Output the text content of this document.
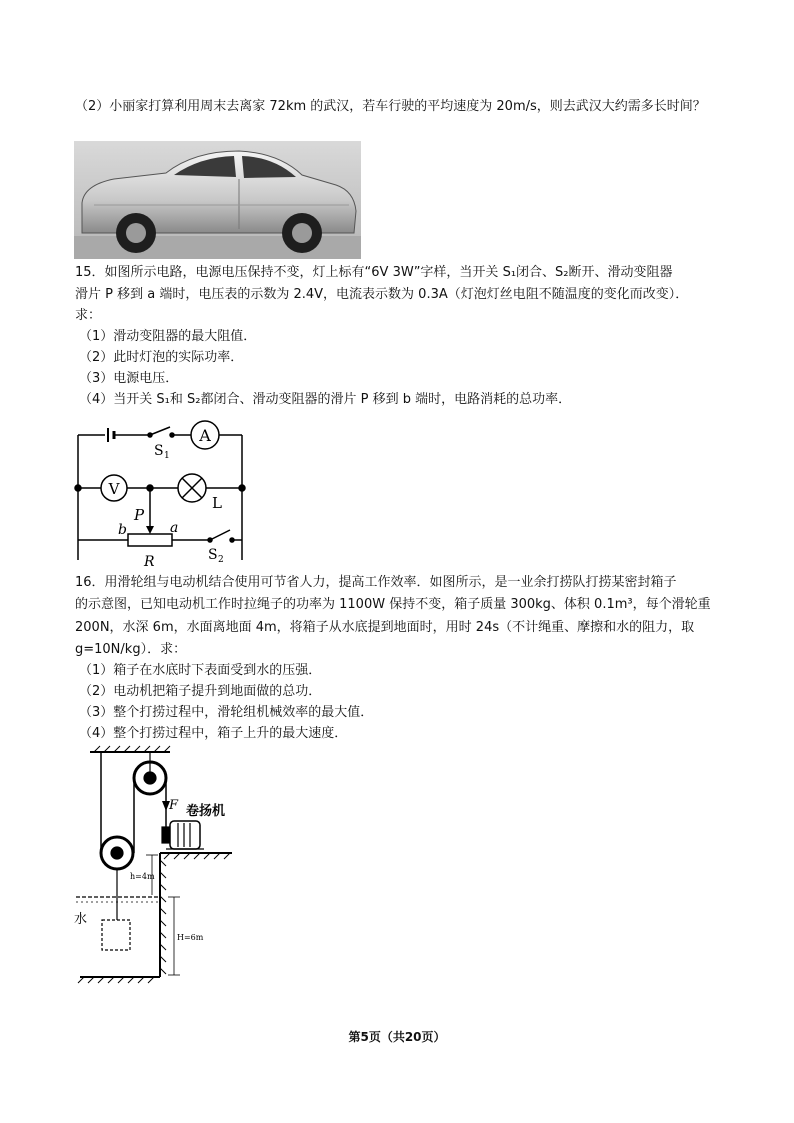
（2）小丽家打算利用周末去离家 72km 的武汉，若车行驶的平均速度为 20m/s，则去武汉大约需多长时间？
15．如图所示电路，电源电压保持不变，灯上标有“6V 3W”字样，当开关 S₁闭合、S₂断开、滑动变阻器
滑片 P 移到 a 端时，电压表的示数为 2.4V，电流表示数为 0.3A（灯泡灯丝电阻不随温度的变化而改变）．
求：
（1）滑动变阻器的最大阻值．
（2）此时灯泡的实际功率．
（3）电源电压．
（4）当开关 S₁和 S₂都闭合、滑动变阻器的滑片 P 移到 b 端时，电路消耗的总功率．
A
V
L
S 1
S 2
P
a
b
R
16．用滑轮组与电动机结合使用可节省人力，提高工作效率．如图所示，是一业余打捞队打捞某密封箱子
的示意图，已知电动机工作时拉绳子的功率为 1100W 保持不变，箱子质量 300kg、体积 0.1m³，每个滑轮重
200N，水深 6m，水面离地面 4m，将箱子从水底提到地面时，用时 24s（不计绳重、摩擦和水的阻力，取
g=10N/kg）．求：
（1）箱子在水底时下表面受到水的压强．
（2）电动机把箱子提升到地面做的总功．
（3）整个打捞过程中，滑轮组机械效率的最大值．
（4）整个打捞过程中，箱子上升的最大速度．
F 卷扬机
水
h=4m
H=6m
第5页（共20页）
